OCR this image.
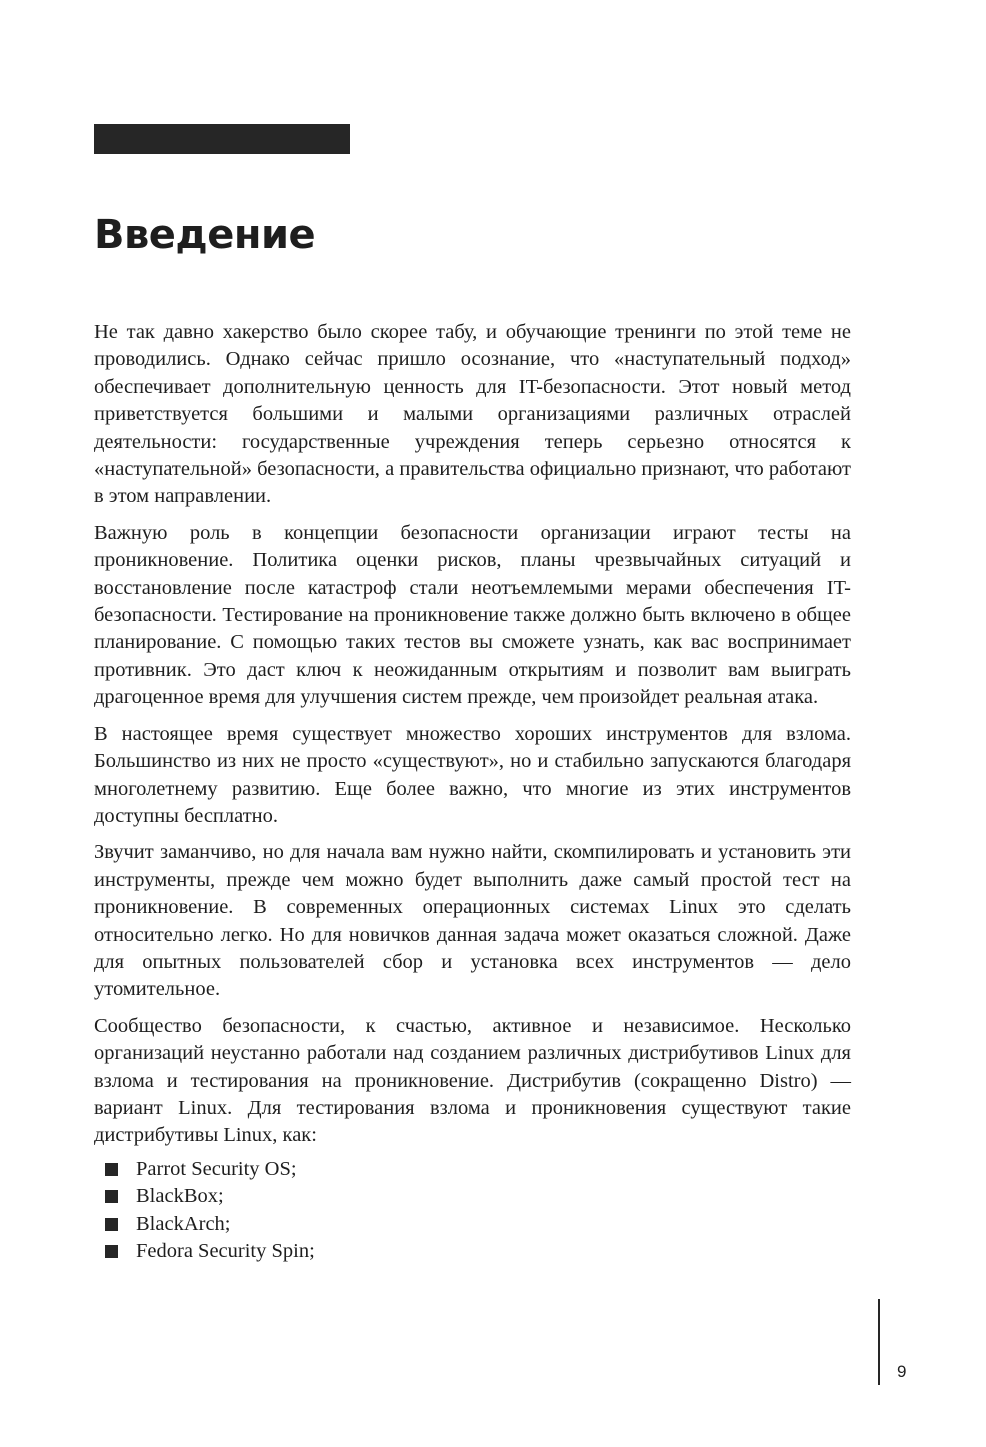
Введение

Не так давно хакерство было скорее табу, и обучающие тренинги по этой теме не проводились. Однако сейчас пришло осознание, что «наступательный подход» обеспечивает дополнительную ценность для IT-безопасности. Этот новый метод приветствуется большими и малыми организациями различных отраслей деятельности: государственные учреждения теперь серьезно относятся к «наступательной» безопасности, а правительства официально признают, что работают в этом направлении.

Важную роль в концепции безопасности организации играют тесты на проникновение. Политика оценки рисков, планы чрезвычайных ситуаций и восстановление после катастроф стали неотъемлемыми мерами обеспечения IT-безопасности. Тестирование на проникновение также должно быть включено в общее планирование. С помощью таких тестов вы сможете узнать, как вас воспринимает противник. Это даст ключ к неожиданным открытиям и позволит вам выиграть драгоценное время для улучшения систем прежде, чем произойдет реальная атака.

В настоящее время существует множество хороших инструментов для взлома. Большинство из них не просто «существуют», но и стабильно запускаются благодаря многолетнему развитию. Еще более важно, что многие из этих инструментов доступны бесплатно.

Звучит заманчиво, но для начала вам нужно найти, скомпилировать и установить эти инструменты, прежде чем можно будет выполнить даже самый простой тест на проникновение. В современных операционных системах Linux это сделать относительно легко. Но для новичков данная задача может оказаться сложной. Даже для опытных пользователей сбор и установка всех инструментов — дело утомительное.

Сообщество безопасности, к счастью, активное и независимое. Несколько организаций неустанно работали над созданием различных дистрибутивов Linux для взлома и тестирования на проникновение. Дистрибутив (сокращенно Distro) — вариант Linux. Для тестирования взлома и проникновения существуют такие дистрибутивы Linux, как:

Parrot Security OS;
BlackBox;
BlackArch;
Fedora Security Spin;
9
